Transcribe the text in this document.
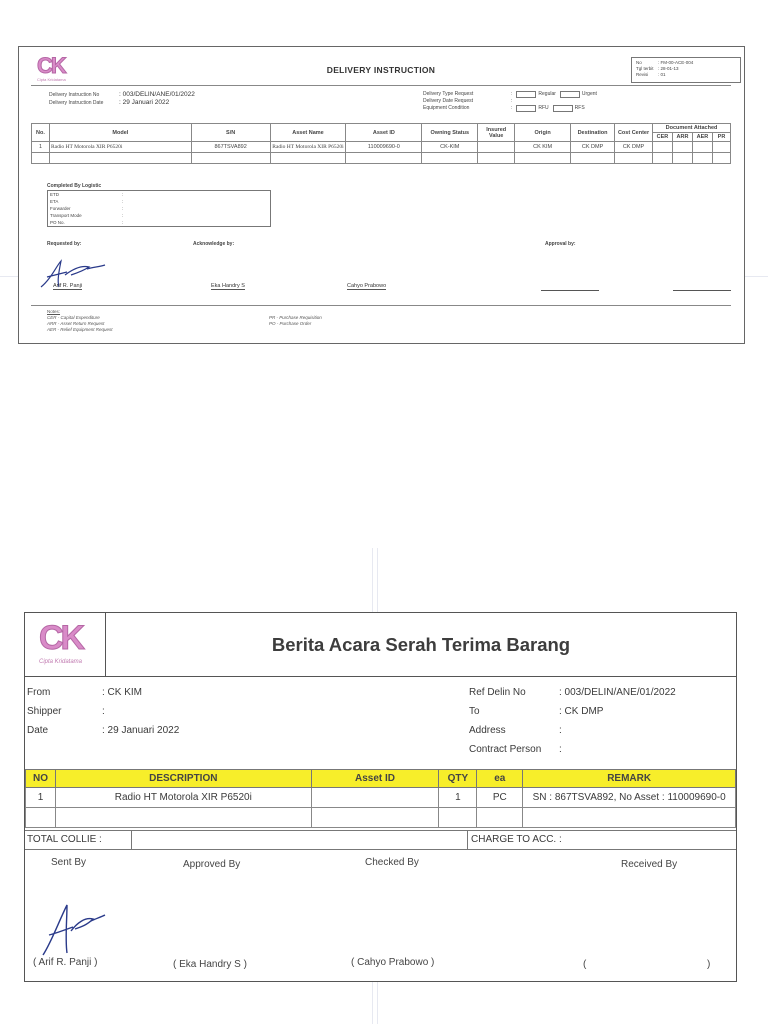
CK
Cipta Kridatama
DELIVERY INSTRUCTION
No	: FM-00-ACE-004
Tgl terbit : 28-01-13
Revisi	: 01
Delivery Instruction No	: 003/DELIN/ANE/01/2022
Delivery Instruction Date	: 29 Januari 2022
Delivery Type Request	:	Regular	Urgent
Delivery Date Request	:
Equipment Condition	:	RFU	RFS
No.	Model	S/N	Asset Name	Asset ID	Owning Status	Insured Value	Origin	Destination	Cost Center	Document Attached			
										CER	ARR	AER	PR
1	Radio HT Motorola XIR P6520i	867TSVA892	Radio HT Motorola XIR P6520i	110009690-0	CK-KIM		CK KIM	CK DMP	CK DMP				

Completed By Logistic
ETD	:
ETA	:
Forwarder	:
Transport Mode	:
PO No.	:
Requested by:	Acknowledge by:	Approval by:
Arif R. Panji	Eka Handry S	Cahyo Prabowo
Notes:
CER - Capital Expenditure
ARR - Asset Return Request
AER - Relief Equipment Request
PR - Purchase Requisition
PO - Purchase Order
CK
Cipta Kridatama
Berita Acara Serah Terima Barang
From	: CK KIM
Shipper	:
Date	: 29 Januari 2022
Ref Delin No	: 003/DELIN/ANE/01/2022
To	: CK DMP
Address	:
Contract Person	:
NO	DESCRIPTION	Asset ID	QTY	ea	REMARK
1	Radio HT Motorola XIR P6520i		1	PC	SN : 867TSVA892, No Asset : 110009690-0

TOTAL COLLIE :	CHARGE TO ACC. :
Sent By	Approved By	Checked By	Received By
( Arif R. Panji )	( Eka Handry S )	( Cahyo Prabowo )	(	)
